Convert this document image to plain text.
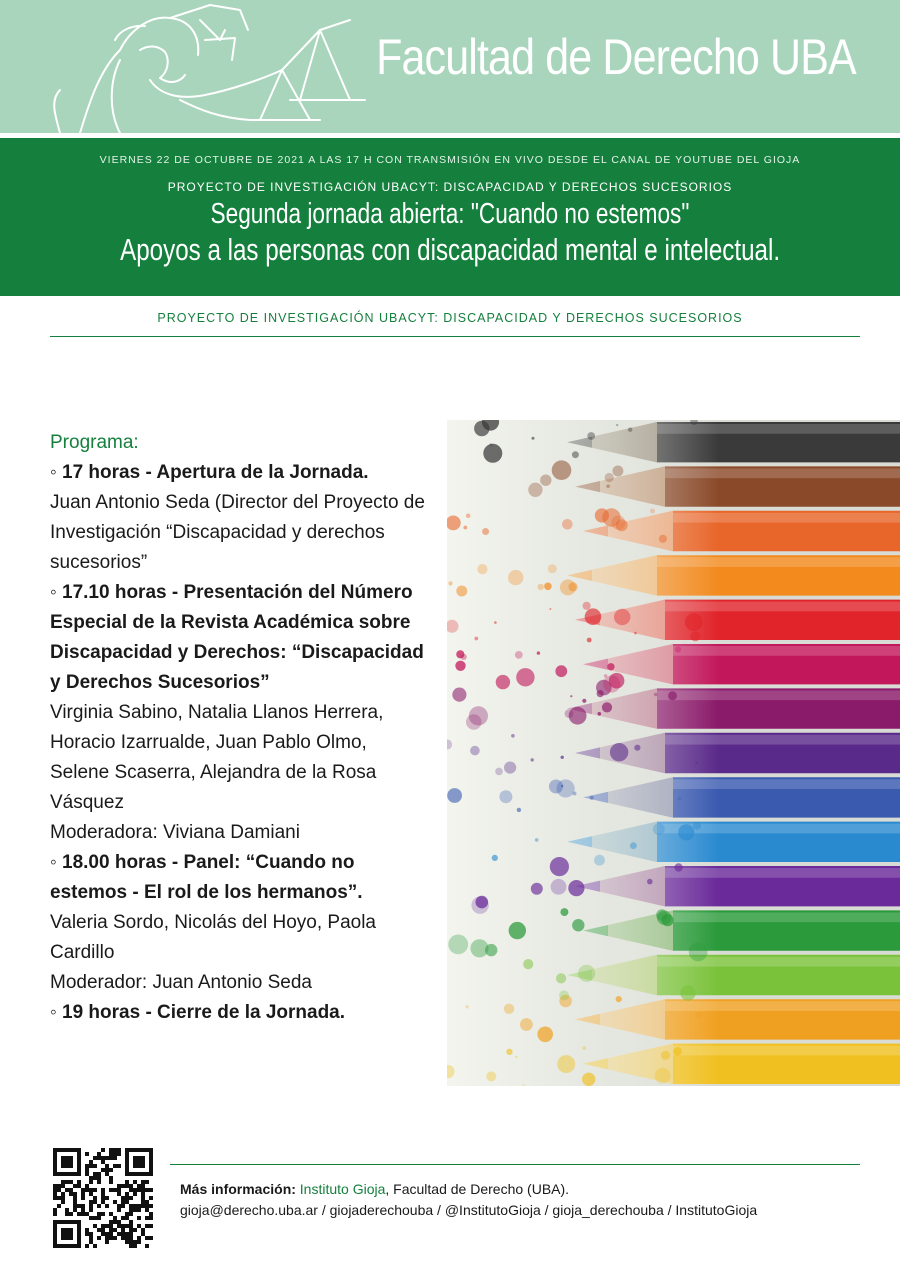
Facultad de Derecho UBA
VIERNES 22 DE OCTUBRE DE 2021 A LAS 17 H CON TRANSMISIÓN EN VIVO DESDE EL CANAL DE YOUTUBE DEL GIOJA
PROYECTO DE INVESTIGACIÓN UBACYT: DISCAPACIDAD Y DERECHOS SUCESORIOS
Segunda jornada abierta: "Cuando no estemos"
Apoyos a las personas con discapacidad mental e intelectual.
PROYECTO DE INVESTIGACIÓN UBACYT: DISCAPACIDAD Y DERECHOS SUCESORIOS

Programa:

◦ 17 horas - Apertura de la Jornada.

Juan Antonio Seda (Director del Proyecto de Investigación “Discapacidad y derechos sucesorios”

◦ 17.10 horas - Presentación del Número Especial de la Revista Académica sobre Discapacidad y Derechos: “Discapacidad y Derechos Sucesorios”

Virginia Sabino, Natalia Llanos Herrera, Horacio Izarrualde, Juan Pablo Olmo, Selene Scaserra, Alejandra de la Rosa Vásquez

Moderadora: Viviana Damiani

◦ 18.00 horas - Panel: “Cuando no estemos - El rol de los hermanos”.

Valeria Sordo, Nicolás del Hoyo, Paola Cardillo

Moderador: Juan Antonio Seda

◦ 19 horas - Cierre de la Jornada.

Más información: Instituto Gioja, Facultad de Derecho (UBA).
gioja@derecho.uba.ar / giojaderechouba / @InstitutoGioja / gioja_derechouba / InstitutoGioja
